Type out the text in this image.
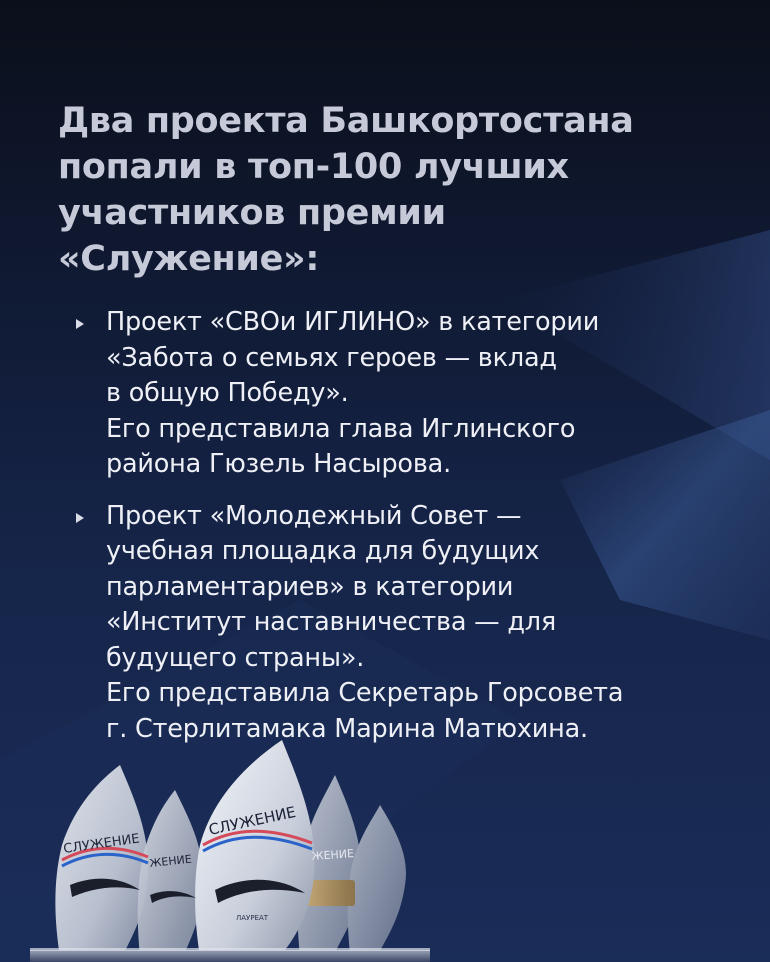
Два проекта Башкортостана
попали в топ-100 лучших
участников премии
«Служение»:
Проект «СВОи ИГЛИНО» в категории
«Забота о семьях героев — вклад
в общую Победу».
Его представила глава Иглинского
района Гюзель Насырова.
Проект «Молодежный Совет —
учебная площадка для будущих
парламентариев» в категории
«Институт наставничества — для
будущего страны».
Его представила Секретарь Горсовета
г. Стерлитамака Марина Матюхина.
СЛУЖЕНИЕ
ЖЕНИЕ
СЛУЖЕНИЕ
ЖЕНИЕ
ЛАУРЕАТ
